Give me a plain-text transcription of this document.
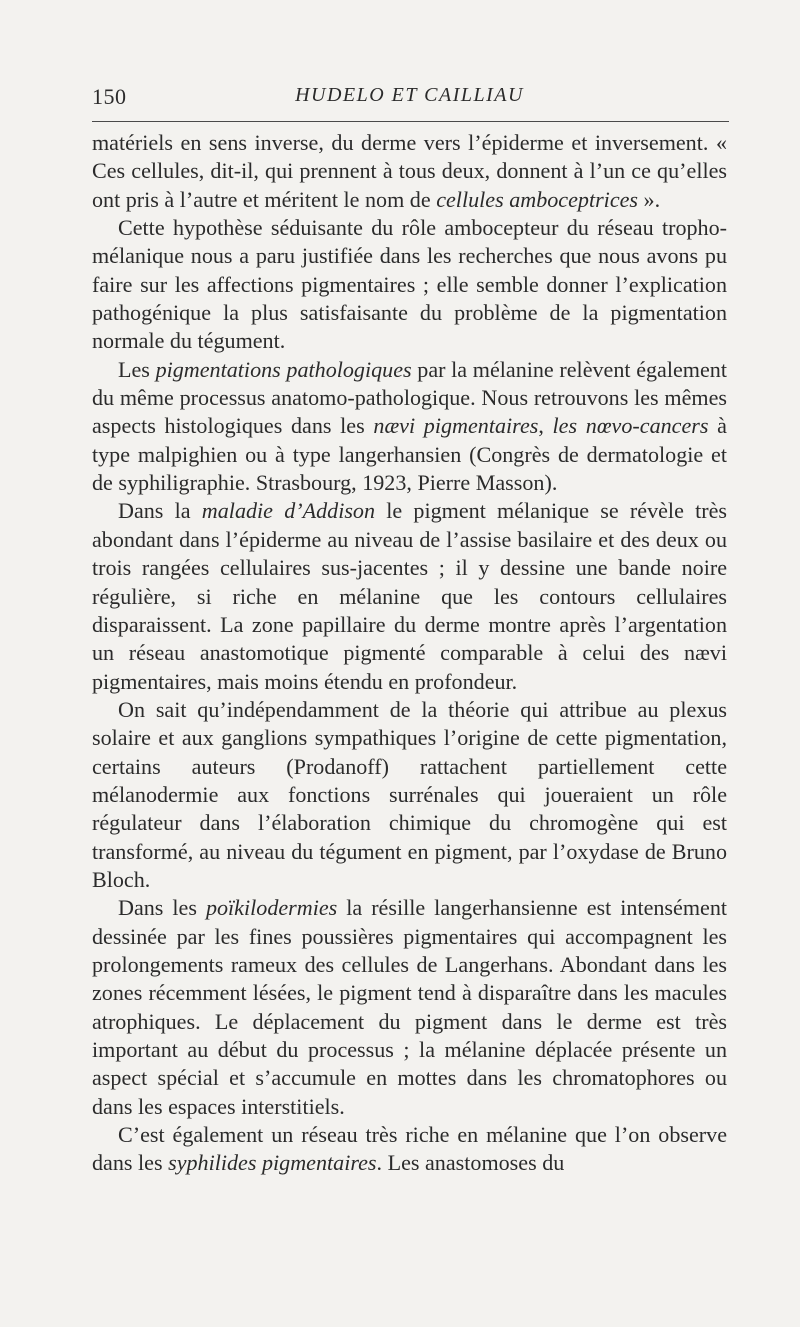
150	HUDELO ET CAILLIAU

matériels en sens inverse, du derme vers l’épiderme et inversement. « Ces cellules, dit-il, qui prennent à tous deux, donnent à l’un ce qu’elles ont pris à l’autre et méritent le nom de cellules amboceptrices ».

Cette hypothèse séduisante du rôle ambocepteur du réseau tropho-mélanique nous a paru justifiée dans les recherches que nous avons pu faire sur les affections pigmentaires ; elle semble donner l’explication pathogénique la plus satisfaisante du problème de la pigmentation normale du tégument.

Les pigmentations pathologiques par la mélanine relèvent également du même processus anatomo-pathologique. Nous retrouvons les mêmes aspects histologiques dans les nævi pigmentaires, les nœvo-cancers à type malpighien ou à type langerhansien (Congrès de dermatologie et de syphiligraphie. Strasbourg, 1923, Pierre Masson).

Dans la maladie d’Addison le pigment mélanique se révèle très abondant dans l’épiderme au niveau de l’assise basilaire et des deux ou trois rangées cellulaires sus-jacentes ; il y dessine une bande noire régulière, si riche en mélanine que les contours cellulaires disparaissent. La zone papillaire du derme montre après l’argentation un réseau anastomotique pigmenté comparable à celui des nævi pigmentaires, mais moins étendu en profondeur.

On sait qu’indépendamment de la théorie qui attribue au plexus solaire et aux ganglions sympathiques l’origine de cette pigmentation, certains auteurs (Prodanoff) rattachent partiellement cette mélanodermie aux fonctions surrénales qui joueraient un rôle régulateur dans l’élaboration chimique du chromogène qui est transformé, au niveau du tégument en pigment, par l’oxydase de Bruno Bloch.

Dans les poïkilodermies la résille langerhansienne est intensément dessinée par les fines poussières pigmentaires qui accompagnent les prolongements rameux des cellules de Langerhans. Abondant dans les zones récemment lésées, le pigment tend à disparaître dans les macules atrophiques. Le déplacement du pigment dans le derme est très important au début du processus ; la mélanine déplacée présente un aspect spécial et s’accumule en mottes dans les chromatophores ou dans les espaces interstitiels.

C’est également un réseau très riche en mélanine que l’on observe dans les syphilides pigmentaires. Les anastomoses du
